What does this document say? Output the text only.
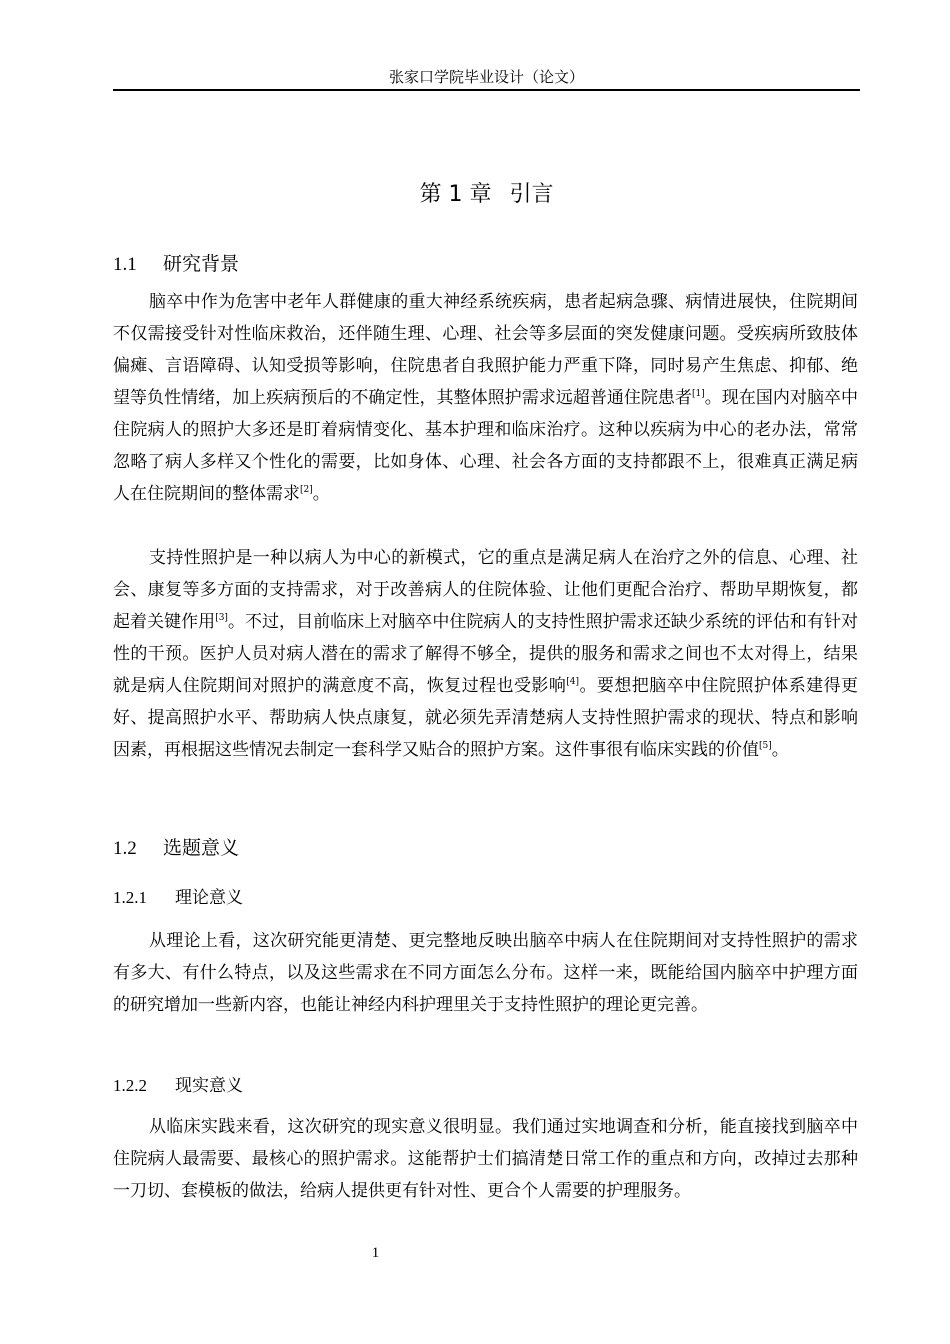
张家口学院毕业设计（论文）
第 1 章 引言
1.1 研究背景

脑卒中作为危害中老年人群健康的重大神经系统疾病，患者起病急骤、病情进展快，住院期间不仅需接受针对性临床救治，还伴随生理、心理、社会等多层面的突发健康问题。受疾病所致肢体偏瘫、言语障碍、认知受损等影响，住院患者自我照护能力严重下降，同时易产生焦虑、抑郁、绝望等负性情绪，加上疾病预后的不确定性，其整体照护需求远超普通住院患者[1]。现在国内对脑卒中住院病人的照护大多还是盯着病情变化、基本护理和临床治疗。这种以疾病为中心的老办法，常常忽略了病人多样又个性化的需要，比如身体、心理、社会各方面的支持都跟不上，很难真正满足病人在住院期间的整体需求[2]。

支持性照护是一种以病人为中心的新模式，它的重点是满足病人在治疗之外的信息、心理、社会、康复等多方面的支持需求，对于改善病人的住院体验、让他们更配合治疗、帮助早期恢复，都起着关键作用[3]。不过，目前临床上对脑卒中住院病人的支持性照护需求还缺少系统的评估和有针对性的干预。医护人员对病人潜在的需求了解得不够全，提供的服务和需求之间也不太对得上，结果就是病人住院期间对照护的满意度不高，恢复过程也受影响[4]。要想把脑卒中住院照护体系建得更好、提高照护水平、帮助病人快点康复，就必须先弄清楚病人支持性照护需求的现状、特点和影响因素，再根据这些情况去制定一套科学又贴合的照护方案。这件事很有临床实践的价值[5]。

1.2 选题意义
1.2.1 理论意义

从理论上看，这次研究能更清楚、更完整地反映出脑卒中病人在住院期间对支持性照护的需求有多大、有什么特点，以及这些需求在不同方面怎么分布。这样一来，既能给国内脑卒中护理方面的研究增加一些新内容，也能让神经内科护理里关于支持性照护的理论更完善。

1.2.2 现实意义

从临床实践来看，这次研究的现实意义很明显。我们通过实地调查和分析，能直接找到脑卒中住院病人最需要、最核心的照护需求。这能帮护士们搞清楚日常工作的重点和方向，改掉过去那种一刀切、套模板的做法，给病人提供更有针对性、更合个人需要的护理服务。

1
